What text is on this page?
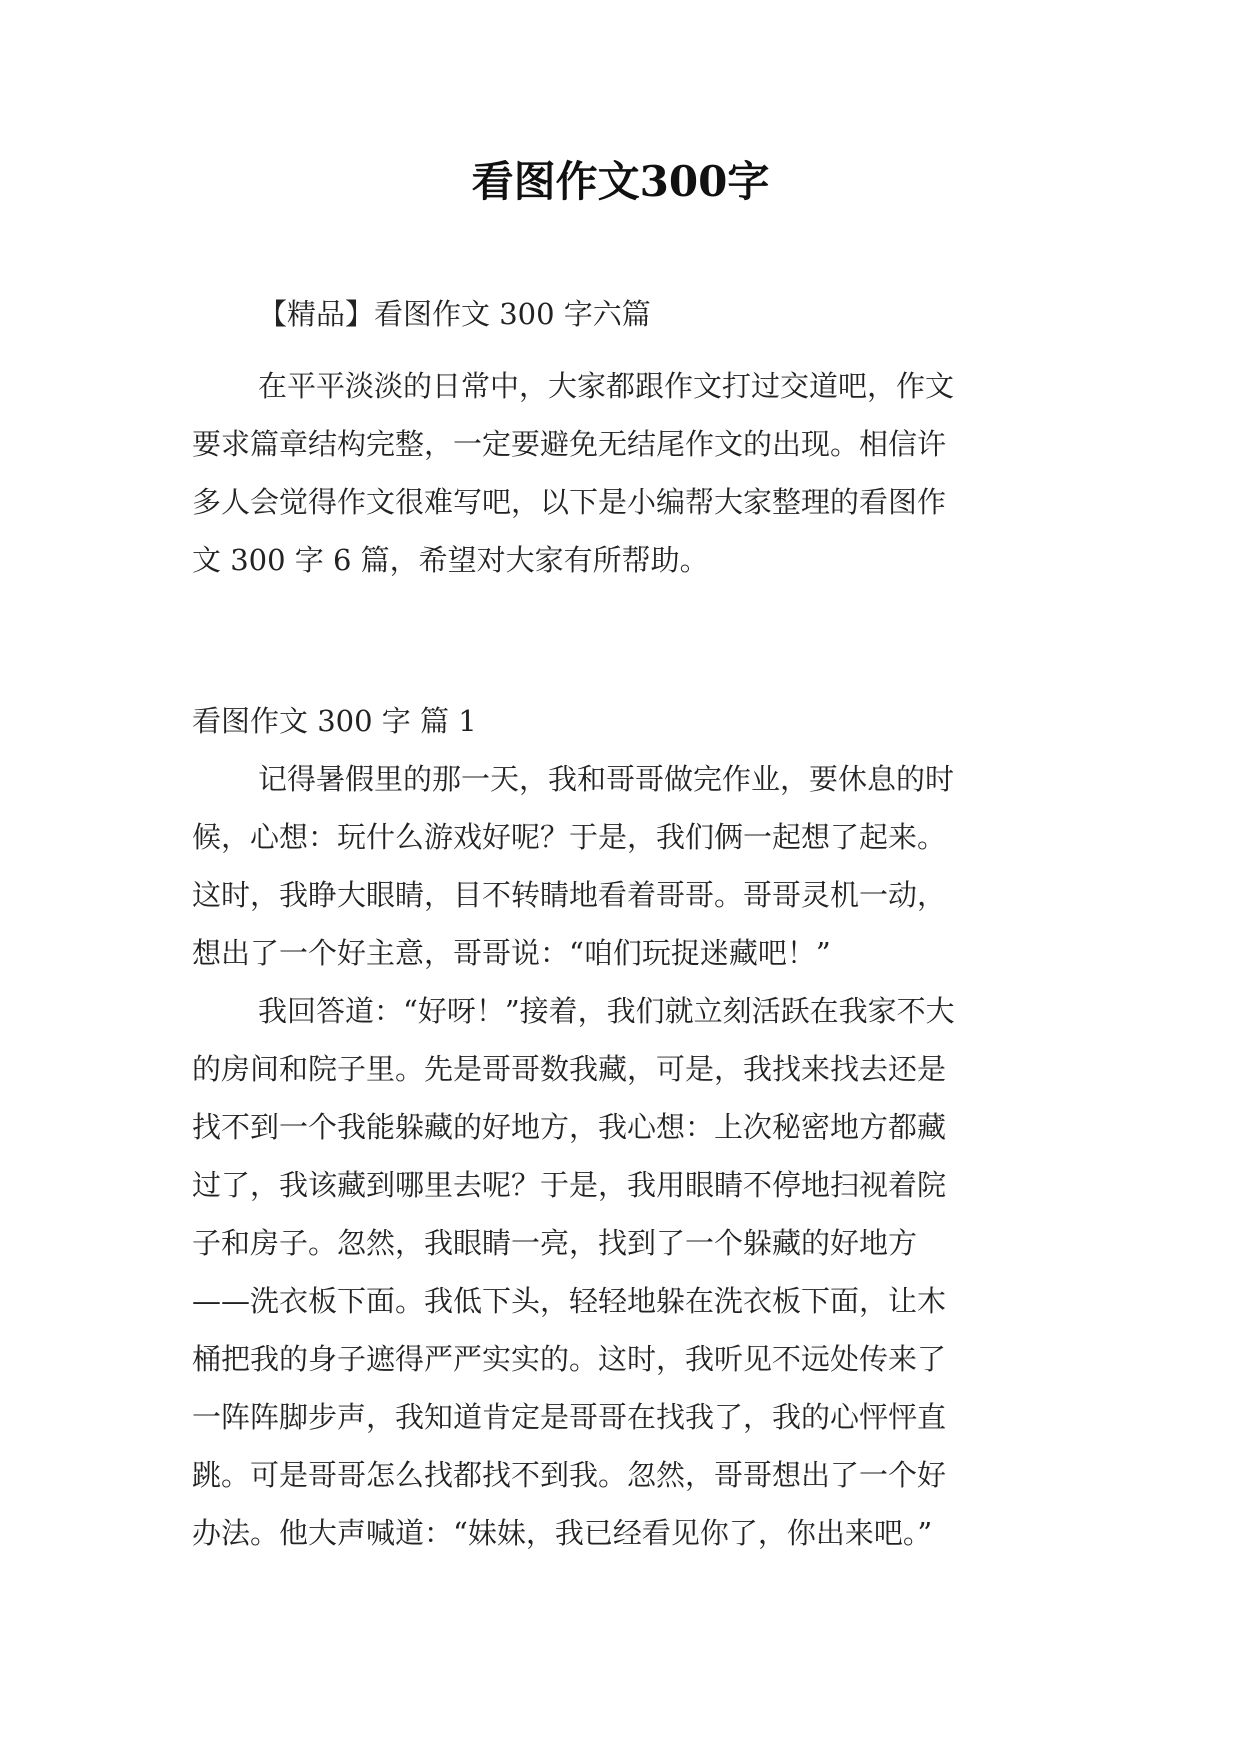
看图作文300字
【精品】看图作文 300 字六篇
在平平淡淡的日常中，大家都跟作文打过交道吧，作文
要求篇章结构完整，一定要避免无结尾作文的出现。相信许
多人会觉得作文很难写吧，以下是小编帮大家整理的看图作
文 300 字 6 篇，希望对大家有所帮助。
看图作文 300 字 篇 1
记得暑假里的那一天，我和哥哥做完作业，要休息的时
候，心想：玩什么游戏好呢？于是，我们俩一起想了起来。
这时，我睁大眼睛，目不转睛地看着哥哥。哥哥灵机一动，
想出了一个好主意，哥哥说：“咱们玩捉迷藏吧！”
我回答道：“好呀！”接着，我们就立刻活跃在我家不大
的房间和院子里。先是哥哥数我藏，可是，我找来找去还是
找不到一个我能躲藏的好地方，我心想：上次秘密地方都藏
过了，我该藏到哪里去呢？于是，我用眼睛不停地扫视着院
子和房子。忽然，我眼睛一亮，找到了一个躲藏的好地方
——洗衣板下面。我低下头，轻轻地躲在洗衣板下面，让木
桶把我的身子遮得严严实实的。这时，我听见不远处传来了
一阵阵脚步声，我知道肯定是哥哥在找我了，我的心怦怦直
跳。可是哥哥怎么找都找不到我。忽然，哥哥想出了一个好
办法。他大声喊道：“妹妹，我已经看见你了，你出来吧。”
